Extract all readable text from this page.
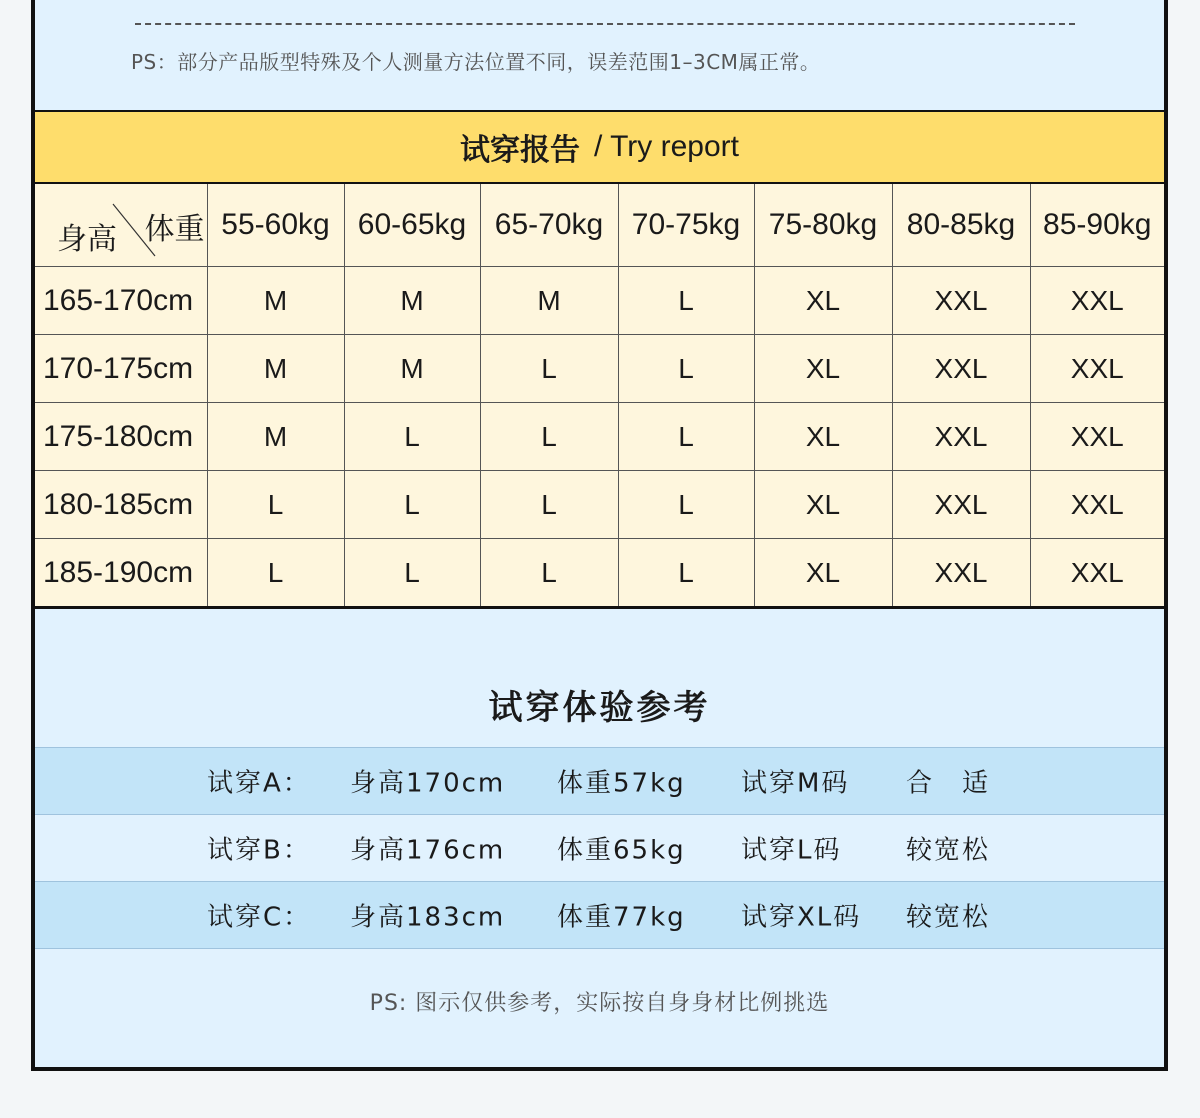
PS：部分产品版型特殊及个人测量方法位置不同，误差范围1–3CM属正常。
试穿报告 / Try report
体重
身高	55-60kg	60-65kg	65-70kg	70-75kg	75-80kg	80-85kg	85-90kg
165-170cm	M	M	M	L	XL	XXL	XXL
170-175cm	M	M	L	L	XL	XXL	XXL
175-180cm	M	L	L	L	XL	XXL	XXL
180-185cm	L	L	L	L	XL	XXL	XXL
185-190cm	L	L	L	L	XL	XXL	XXL
试穿体验参考
试穿A： 身高170cm 体重57kg 试穿M码 合　适
试穿B： 身高176cm 体重65kg 试穿L码 较宽松
试穿C： 身高183cm 体重77kg 试穿XL码 较宽松
PS: 图示仅供参考，实际按自身身材比例挑选
